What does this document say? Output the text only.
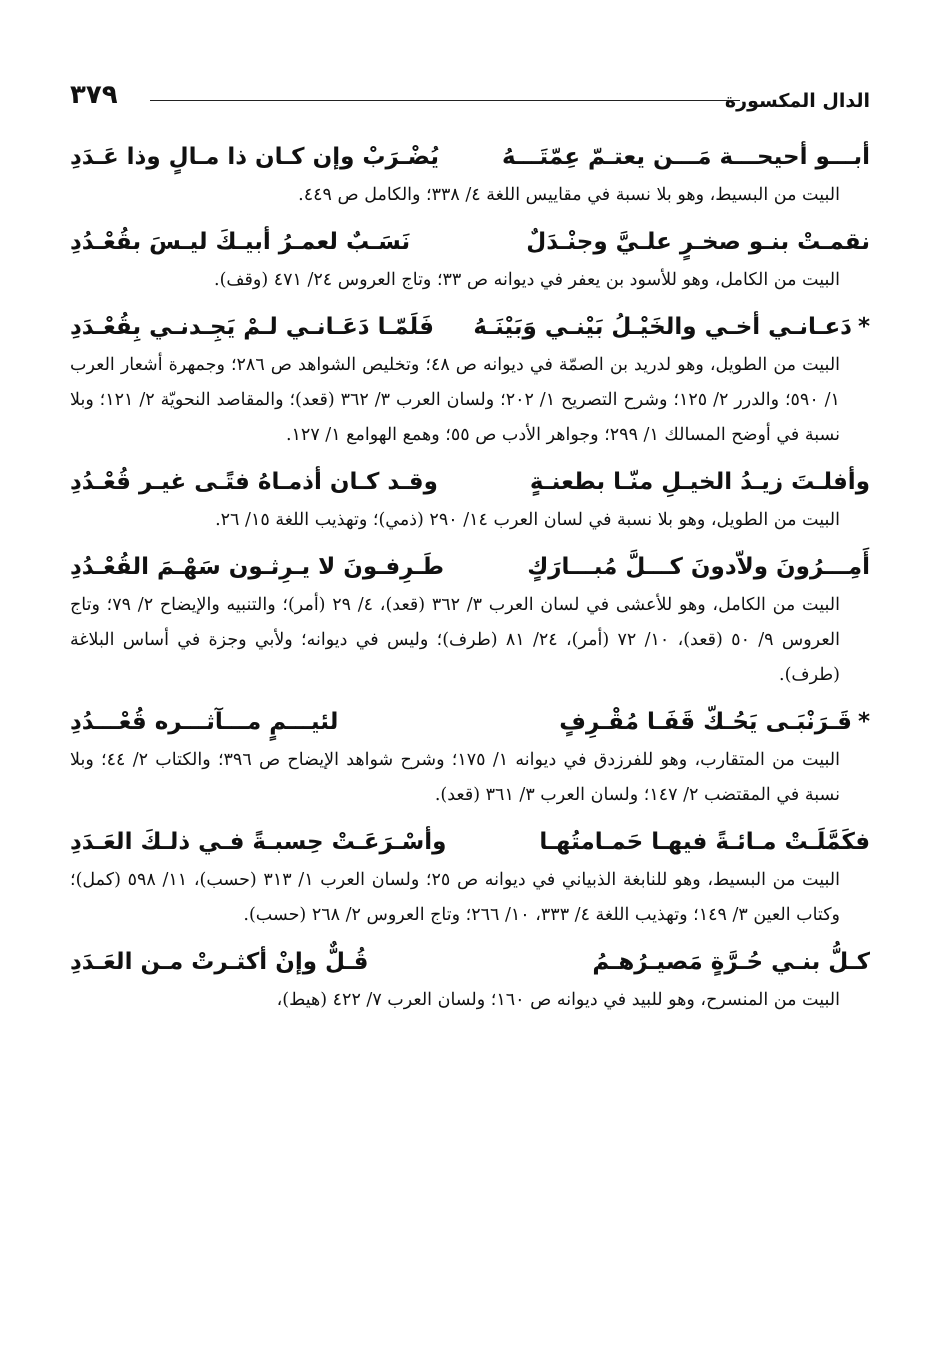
الدال المكسورة
٣٧٩
أبـــو أحيحـــة مَـــن يعتـمّ عِمّتَـــهُ
يُضْـرَبْ وإن كـان ذا مـالٍ وذا عَـدَدِ

البيت من البسيط، وهو بلا نسبة في مقاييس اللغة ٤/ ٣٣٨؛ والكامل ص ٤٤٩.

نقمـتْ بنـو صخـرٍ علـيَّ وجنْـدَلٌ
نَسَـبٌ لعمـرُ أبيـكَ ليـسَ بقُعْـدُدِ

البيت من الكامل، وهو للأسود بن يعفر في ديوانه ص ٣٣؛ وتاج العروس ٢٤/ ٤٧١ (وقف).

*دَعـانـي أخـي والخَيْـلُ بَيْنـي وَبَيْنَـهُ
فَلَمّـا دَعَـانـي لـمْ يَجِـدنـي بِقُعْـدَدِ

البيت من الطويل، وهو لدريد بن الصمّة في ديوانه ص ٤٨؛ وتخليص الشواهد ص ٢٨٦؛ وجمهرة أشعار العرب ١/ ٥٩٠؛ والدرر ٢/ ١٢٥؛ وشرح التصريح ١/ ٢٠٢؛ ولسان العرب ٣/ ٣٦٢ (قعد)؛ والمقاصد النحويّة ٢/ ١٢١؛ وبلا نسبة في أوضح المسالك ١/ ٢٩٩؛ وجواهر الأدب ص ٥٥؛ وهمع الهوامع ١/ ١٢٧.

وأفلـتَ زيـدُ الخيـلِ منّـا بطعنـةٍ
وقـد كـان أذمـاهُ فتًـى غيـر قُعْـدُدِ

البيت من الطويل، وهو بلا نسبة في لسان العرب ١٤/ ٢٩٠ (ذمي)؛ وتهذيب اللغة ١٥/ ٢٦.

أَمِـــرُونَ ولاّدونَ كـــلَّ مُبـــارَكٍ
طَـرِفـونَ لا يـرِثـون سَهْـمَ القُعْـدُدِ

البيت من الكامل، وهو للأعشى في لسان العرب ٣/ ٣٦٢ (قعد)، ٤/ ٢٩ (أمر)؛ والتنبيه والإيضاح ٢/ ٧٩؛ وتاج العروس ٩/ ٥٠ (قعد)، ١٠/ ٧٢ (أمر)، ٢٤/ ٨١ (طرف)؛ وليس في ديوانه؛ ولأبي وجزة في أساس البلاغة (طرف).

*قَـرَنْبَـى يَحُـكّ قَفَـا مُقْـرِفٍ
لئيـــمٍ مـــآثـــره قُعْـــدُدِ

البيت من المتقارب، وهو للفرزدق في ديوانه ١/ ١٧٥؛ وشرح شواهد الإيضاح ص ٣٩٦؛ والكتاب ٢/ ٤٤؛ وبلا نسبة في المقتضب ٢/ ١٤٧؛ ولسان العرب ٣/ ٣٦١ (قعد).

فكَمَّلَـتْ مـائـةً فيهـا حَمـامتُهـا
وأسْـرَعَـتْ حِسبـةً فـي ذلـكَ العَـدَدِ

البيت من البسيط، وهو للنابغة الذبياني في ديوانه ص ٢٥؛ ولسان العرب ١/ ٣١٣ (حسب)، ١١/ ٥٩٨ (كمل)؛ وكتاب العين ٣/ ١٤٩؛ وتهذيب اللغة ٤/ ٣٣٣، ١٠/ ٢٦٦؛ وتاج العروس ٢/ ٢٦٨ (حسب).

كـلُّ بنـي حُـرَّةٍ مَصيـرُهـمُ
قُـلٌّ وإنْ أكثـرتْ مـن العَـدَدِ

البيت من المنسرح، وهو للبيد في ديوانه ص ١٦٠؛ ولسان العرب ٧/ ٤٢٢ (هيط)،
